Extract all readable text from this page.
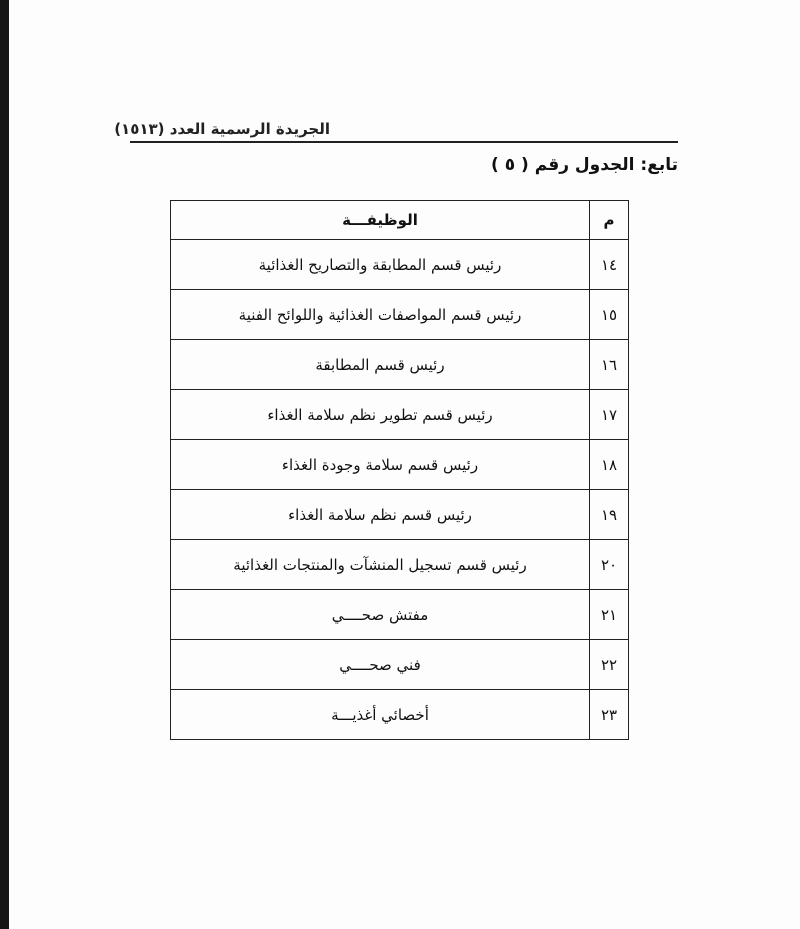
الجريدة الرسمية العدد (١٥١٣)
تابع: الجدول رقم ( ٥ )
م	الوظيفـــة
١٤	رئيس قسم المطابقة والتصاريح الغذائية
١٥	رئيس قسم المواصفات الغذائية واللوائح الفنية
١٦	رئيس قسم المطابقة
١٧	رئيس قسم تطوير نظم سلامة الغذاء
١٨	رئيس قسم سلامة وجودة الغذاء
١٩	رئيس قسم نظم سلامة الغذاء
٢٠	رئيس قسم تسجيل المنشآت والمنتجات الغذائية
٢١	مفتش صحــــي
٢٢	فني صحــــي
٢٣	أخصائي أغذيـــة
